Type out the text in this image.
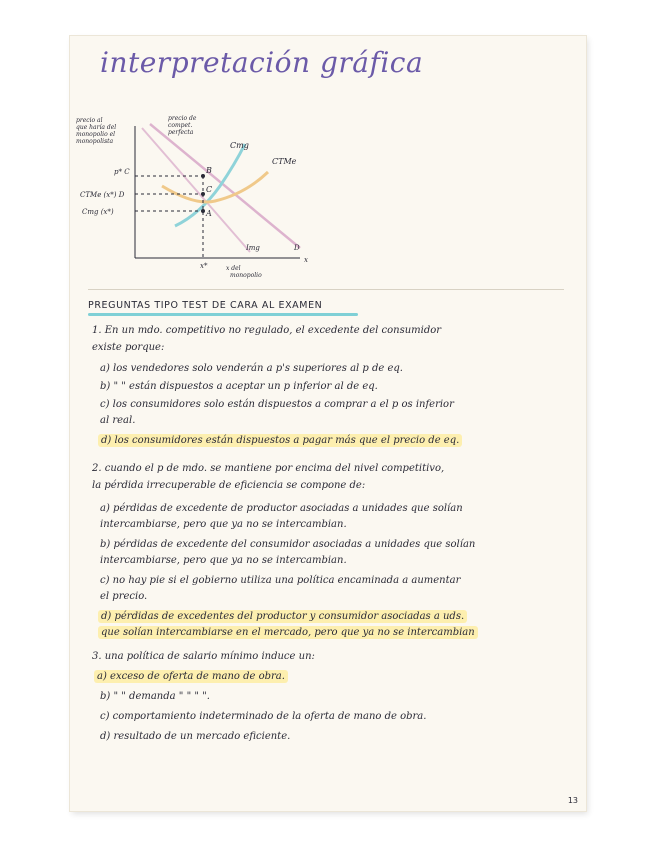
interpretación gráfica
precio al
que haría del
monopolio el
monopolista
precio de
compet.
perfecta
p* C
CTMe (x*) D
Cmg (x*)
B
C
A
Cmg
CTMe
Img	D
x
x*	x del
monopolio
PREGUNTAS TIPO TEST DE CARA AL EXAMEN
1. En un mdo. competitivo no regulado, el excedente del consumidor
existe porque:
a) los vendedores solo venderán a p's superiores al p de eq.
b) " " están dispuestos a aceptar un p inferior al de eq.
c) los consumidores solo están dispuestos a comprar a el p os inferior
al real.
d) los consumidores están dispuestos a pagar más que el precio de eq.
2. cuando el p de mdo. se mantiene por encima del nivel competitivo,
la pérdida irrecuperable de eficiencia se compone de:
a) pérdidas de excedente de productor asociadas a unidades que solían
intercambiarse, pero que ya no se intercambian.
b) pérdidas de excedente del consumidor asociadas a unidades que solían
intercambiarse, pero que ya no se intercambian.
c) no hay pie si el gobierno utiliza una política encaminada a aumentar
el precio.
d) pérdidas de excedentes del productor y consumidor asociadas a uds.
que solían intercambiarse en el mercado, pero que ya no se intercambian
3. una política de salario mínimo induce un:
a) exceso de oferta de mano de obra.
b) " " demanda " " " ".
c) comportamiento indeterminado de la oferta de mano de obra.
d) resultado de un mercado eficiente.
13
